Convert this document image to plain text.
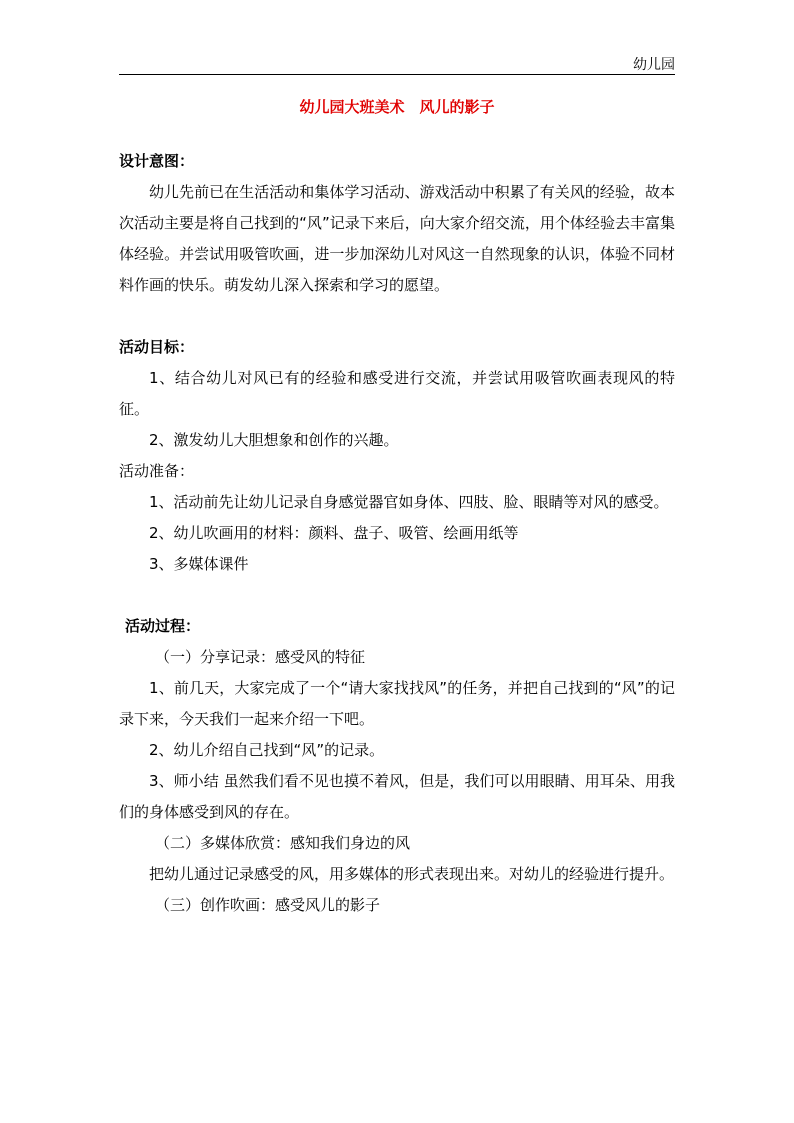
幼儿园
幼儿园大班美术　风儿的影子

设计意图：

幼儿先前已在生活活动和集体学习活动、游戏活动中积累了有关风的经验，故本次活动主要是将自己找到的“风”记录下来后，向大家介绍交流，用个体经验去丰富集体经验。并尝试用吸管吹画，进一步加深幼儿对风这一自然现象的认识，体验不同材料作画的快乐。萌发幼儿深入探索和学习的愿望。

活动目标：

1、结合幼儿对风已有的经验和感受进行交流，并尝试用吸管吹画表现风的特征。

2、激发幼儿大胆想象和创作的兴趣。

活动准备：

1、活动前先让幼儿记录自身感觉器官如身体、四肢、脸、眼睛等对风的感受。

2、幼儿吹画用的材料：颜料、盘子、吸管、绘画用纸等

3、多媒体课件

活动过程：

（一）分享记录：感受风的特征

1、前几天，大家完成了一个“请大家找找风”的任务，并把自己找到的“风”的记录下来，今天我们一起来介绍一下吧。

2、幼儿介绍自己找到“风”的记录。

3、师小结 虽然我们看不见也摸不着风，但是，我们可以用眼睛、用耳朵、用我们的身体感受到风的存在。

（二）多媒体欣赏：感知我们身边的风

把幼儿通过记录感受的风，用多媒体的形式表现出来。对幼儿的经验进行提升。

（三）创作吹画：感受风儿的影子
